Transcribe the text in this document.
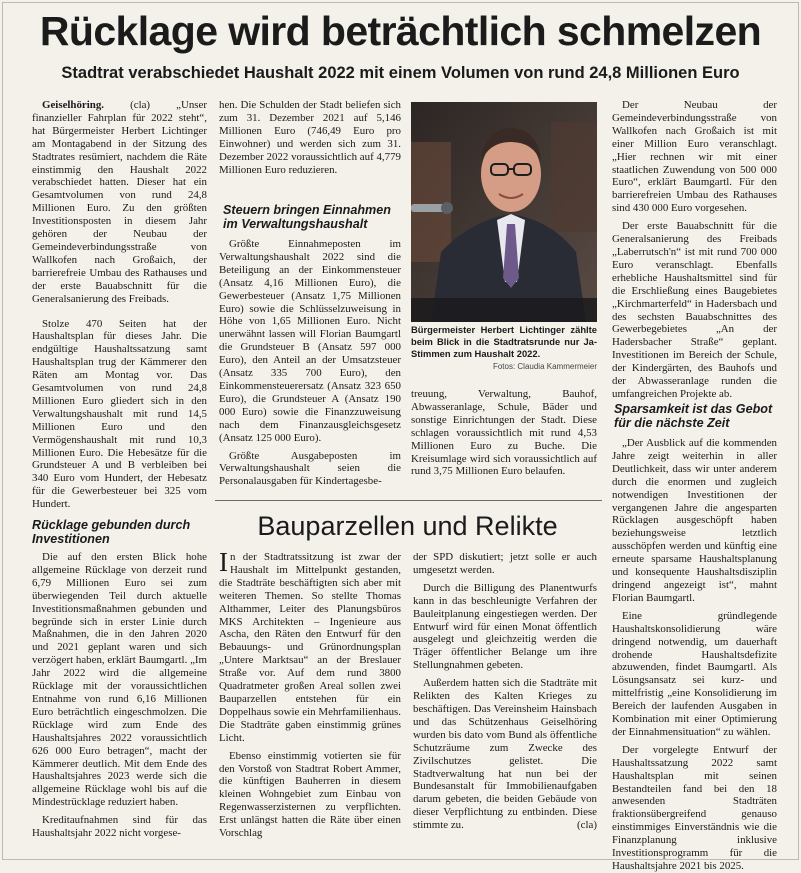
Rücklage wird beträchtlich schmelzen
Stadtrat verabschiedet Haushalt 2022 mit einem Volumen von rund 24,8 Millionen Euro

Geiselhöring. (cla) „Unser finanzieller Fahrplan für 2022 steht“, hat Bürgermeister Herbert Lichtinger am Montagabend in der Sitzung des Stadtrates resümiert, nachdem die Räte einstimmig den Haushalt 2022 verabschiedet hatten. Dieser hat ein Gesamtvolumen von rund 24,8 Millionen Euro. Zu den größten Investitionsposten in diesem Jahr gehören der Neubau der Gemeindeverbindungsstraße von Wallkofen nach Großaich, der barrierefreie Umbau des Rathauses und der erste Bauabschnitt für die Generalsanierung des Freibads.

Stolze 470 Seiten hat der Haushaltsplan für dieses Jahr. Die endgültige Haushaltssatzung samt Haushaltsplan trug der Kämmerer den Räten am Montag vor. Das Gesamtvolumen von rund 24,8 Millionen Euro gliedert sich in den Verwaltungshaushalt mit rund 14,5 Millionen Euro und den Vermögenshaushalt mit rund 10,3 Millionen Euro. Die Hebesätze für die Grundsteuer A und B verbleiben bei 340 Euro vom Hundert, der Hebesatz für die Gewerbesteuer bei 325 vom Hundert.

hen. Die Schulden der Stadt beliefen sich zum 31. Dezember 2021 auf 5,146 Millionen Euro (746,49 Euro pro Einwohner) und werden sich zum 31. Dezember 2022 voraussichtlich auf 4,779 Millionen Euro reduzieren.

Steuern bringen Einnahmen im Verwaltungshaushalt

Größte Einnahmeposten im Verwaltungshaushalt 2022 sind die Beteiligung an der Einkommensteuer (Ansatz 4,16 Millionen Euro), die Gewerbesteuer (Ansatz 1,75 Millionen Euro) sowie die Schlüsselzuweisung in Höhe von 1,65 Millionen Euro. Nicht unerwähnt lassen will Florian Baumgartl die Grundsteuer B (Ansatz 597 000 Euro), den Anteil an der Umsatzsteuer (Ansatz 335 700 Euro), den Einkommensteuerersatz (Ansatz 323 650 Euro), die Grundsteuer A (Ansatz 190 000 Euro) sowie die Finanzzuweisung nach dem Finanzausgleichsgesetz (Ansatz 125 000 Euro).

Größte Ausgabeposten im Verwaltungshaushalt seien die Personalausgaben für Kindertagesbe-

Bürgermeister Herbert Lichtinger zählte beim Blick in die Stadtratsrunde nur Ja-Stimmen zum Haushalt 2022.
Fotos: Claudia Kammermeier

treuung, Verwaltung, Bauhof, Abwasseranlage, Schule, Bäder und sonstige Einrichtungen der Stadt. Diese schlagen voraussichtlich mit rund 4,53 Millionen Euro zu Buche. Die Kreisumlage wird sich voraussichtlich auf rund 3,75 Millionen Euro belaufen.

Der Neubau der Gemeindeverbindungsstraße von Wallkofen nach Großaich ist mit einer Million Euro veranschlagt. „Hier rechnen wir mit einer staatlichen Zuwendung von 500 000 Euro“, erklärt Baumgartl. Für den barrierefreien Umbau des Rathauses sind 430 000 Euro vorgesehen.

Der erste Bauabschnitt für die Generalsanierung des Freibads „Laberrutsch'n“ ist mit rund 700 000 Euro veranschlagt. Ebenfalls erhebliche Haushaltsmittel sind für die Erschließung eines Baugebietes „Kirchmarterfeld“ in Hadersbach und des sechsten Bauabschnittes des Gewerbegebietes „An der Hadersbacher Straße“ geplant. Investitionen im Bereich der Schule, der Kindergärten, des Bauhofs und der Abwasseranlage runden die umfangreichen Projekte ab.

Sparsamkeit ist das Gebot für die nächste Zeit

„Der Ausblick auf die kommenden Jahre zeigt weiterhin in aller Deutlichkeit, dass wir unter anderem durch die enormen und zugleich notwendigen Investitionen der vergangenen Jahre die angesparten Rücklagen ausgeschöpft haben beziehungsweise letztlich ausschöpfen werden und künftig eine erneute sparsame Haushaltsplanung und konsequente Haushaltsdisziplin dringend angezeigt ist“, mahnt Florian Baumgartl.

Eine gründlegende Haushaltskonsolidierung wäre dringend notwendig, um dauerhaft drohende Haushaltsdefizite abzuwenden, findet Baumgartl. Als Lösungsansatz sei kurz- und mittelfristig „eine Konsolidierung im Bereich der laufenden Ausgaben in Kombination mit einer Optimierung der Einnahmensituation“ zu wählen.

Der vorgelegte Entwurf der Haushaltssatzung 2022 samt Haushaltsplan mit seinen Bestandteilen fand bei den 18 anwesenden Stadträten fraktionsübergreifend genauso einstimmiges Einverständnis wie die Finanzplanung inklusive Investitionsprogramm für die Haushaltsjahre 2021 bis 2025.

Rücklage gebunden durch Investitionen

Die auf den ersten Blick hohe allgemeine Rücklage von derzeit rund 6,79 Millionen Euro sei zum überwiegenden Teil durch aktuelle Investitionsmaßnahmen gebunden und begründe sich in erster Linie durch Maßnahmen, die in den Jahren 2020 und 2021 geplant waren und sich verzögert haben, erklärt Baumgartl. „Im Jahr 2022 wird die allgemeine Rücklage mit der voraussichtlichen Entnahme von rund 6,16 Millionen Euro beträchtlich eingeschmolzen. Die Rücklage wird zum Ende des Haushaltsjahres 2022 voraussichtlich 626 000 Euro betragen“, macht der Kämmerer deutlich. Mit dem Ende des Haushaltsjahres 2023 werde sich die allgemeine Rücklage wohl bis auf die Mindestrücklage reduziert haben.

Kreditaufnahmen sind für das Haushaltsjahr 2022 nicht vorgese-

Bauparzellen und Relikte

In der Stadtratssitzung ist zwar der Haushalt im Mittelpunkt gestanden, die Stadträte beschäftigten sich aber mit weiteren Themen. So stellte Thomas Althammer, Leiter des Planungsbüros MKS Architekten – Ingenieure aus Ascha, den Räten den Entwurf für den Bebauungs- und Grünordnungsplan „Untere Marktsau“ an der Breslauer Straße vor. Auf dem rund 3800 Quadratmeter großen Areal sollen zwei Bauparzellen entstehen für ein Doppelhaus sowie ein Mehrfamilienhaus. Die Stadträte gaben einstimmig grünes Licht.

Ebenso einstimmig votierten sie für den Vorstoß von Stadtrat Robert Ammer, die künftigen Bauherren in diesem kleinen Wohngebiet zum Einbau von Regenwasserzisternen zu verpflichten. Erst unlängst hatten die Räte über einen Vorschlag

der SPD diskutiert; jetzt solle er auch umgesetzt werden.

Durch die Billigung des Planentwurfs kann in das beschleunigte Verfahren der Bauleitplanung eingestiegen werden. Der Entwurf wird für einen Monat öffentlich ausgelegt und gleichzeitig werden die Träger öffentlicher Belange um ihre Stellungnahmen gebeten.

Außerdem hatten sich die Stadträte mit Relikten des Kalten Krieges zu beschäftigen. Das Vereinsheim Hainsbach und das Schützenhaus Geiselhöring wurden bis dato vom Bund als öffentliche Schutzräume zum Zwecke des Zivilschutzes gelistet. Die Stadtverwaltung hat nun bei der Bundesanstalt für Immobilienaufgaben darum gebeten, die beiden Gebäude von dieser Verpflichtung zu entbinden. Diese stimmte zu.	(cla)
